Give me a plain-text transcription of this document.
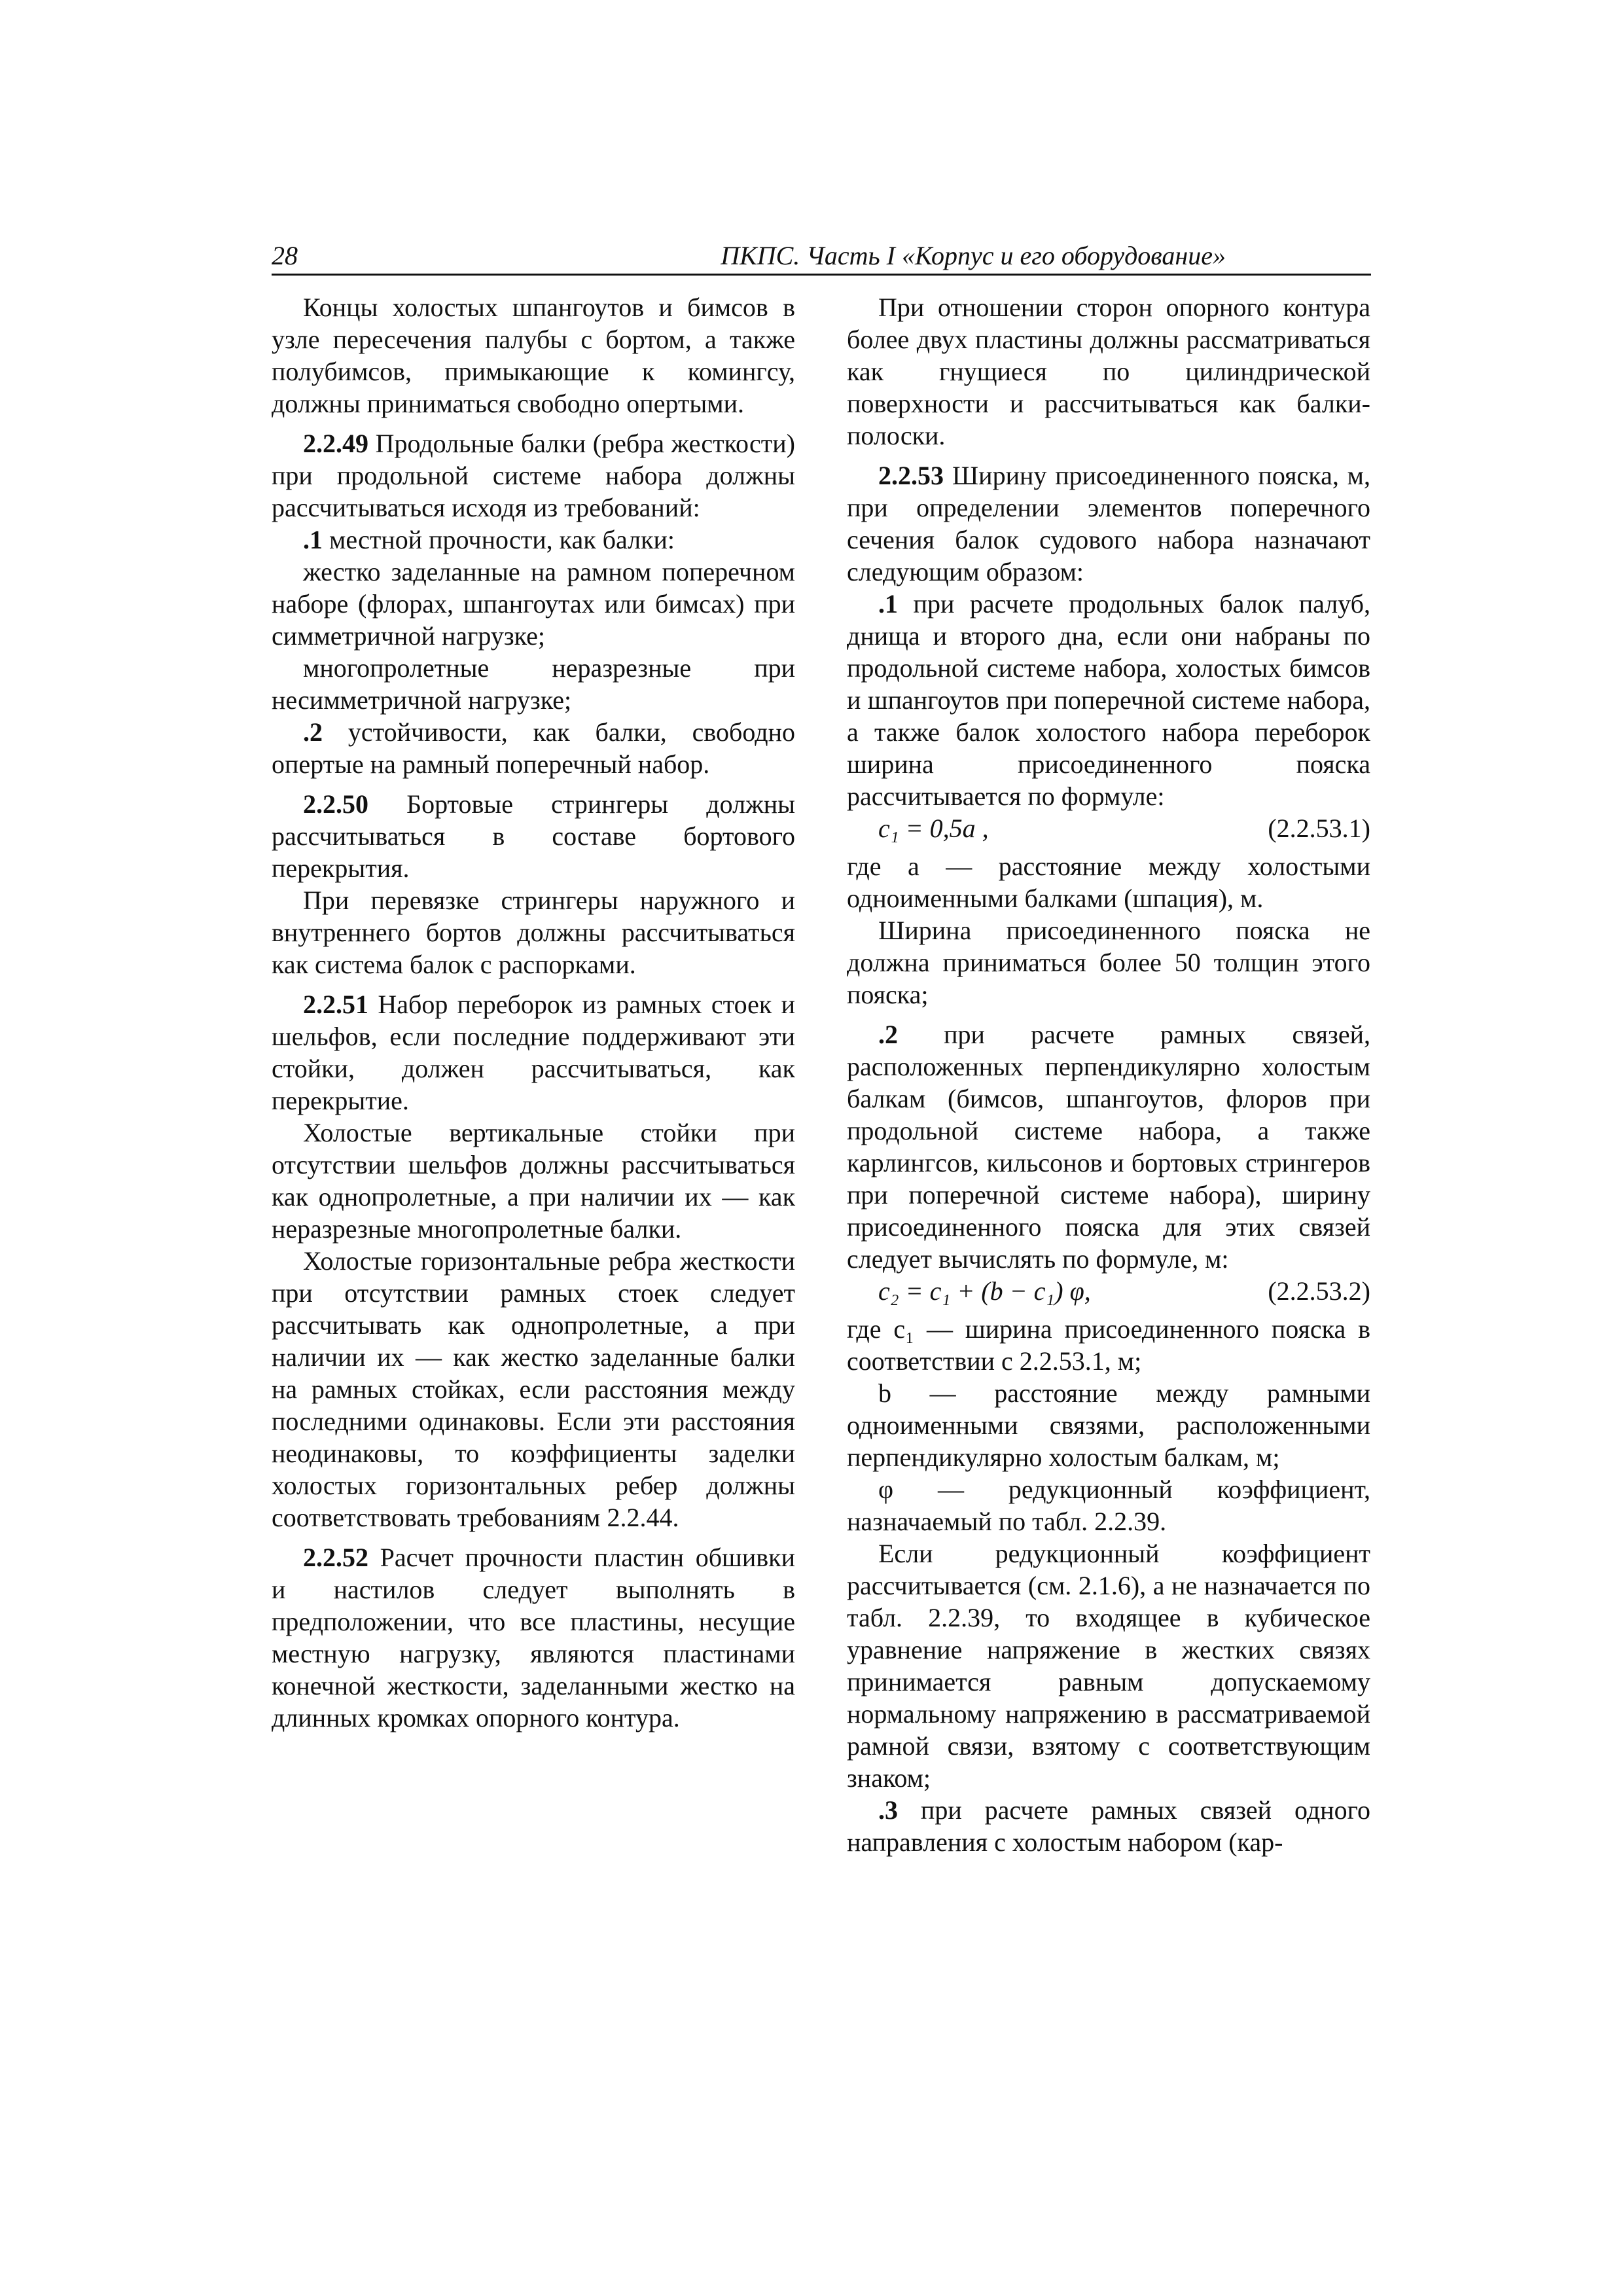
28	ПКПС. Часть I «Корпус и его оборудование»

Концы холостых шпангоутов и бимсов в узле пересечения палубы с бортом, а также полубимсов, примыкающие к комингсу, должны приниматься свободно опертыми.

2.2.49 Продольные балки (ребра жесткости) при продольной системе набора должны рассчитываться исходя из требований:

.1 местной прочности, как балки:

жестко заделанные на рамном поперечном наборе (флорах, шпангоутах или бимсах) при симметричной нагрузке;

многопролетные неразрезные при несимметричной нагрузке;

.2 устойчивости, как балки, свободно опертые на рамный поперечный набор.

2.2.50 Бортовые стрингеры должны рассчитываться в составе бортового перекрытия.

При перевязке стрингеры наружного и внутреннего бортов должны рассчитываться как система балок с распорками.

2.2.51 Набор переборок из рамных стоек и шельфов, если последние поддерживают эти стойки, должен рассчитываться, как перекрытие.

Холостые вертикальные стойки при отсутствии шельфов должны рассчитываться как однопролетные, а при наличии их — как неразрезные многопролетные балки.

Холостые горизонтальные ребра жесткости при отсутствии рамных стоек следует рассчитывать как однопролетные, а при наличии их — как жестко заделанные балки на рамных стойках, если расстояния между последними одинаковы. Если эти расстояния неодинаковы, то коэффициенты заделки холостых горизонтальных ребер должны соответствовать требованиям 2.2.44.

2.2.52 Расчет прочности пластин обшивки и настилов следует выполнять в предположении, что все пластины, несущие местную нагрузку, являются пластинами конечной жесткости, заделанными жестко на длинных кромках опорного контура.

При отношении сторон опорного контура более двух пластины должны рассматриваться как гнущиеся по цилиндрической поверхности и рассчитываться как балки-полоски.

2.2.53 Ширину присоединенного пояска, м, при определении элементов поперечного сечения балок судового набора назначают следующим образом:

.1 при расчете продольных балок палуб, днища и второго дна, если они набраны по продольной системе набора, холостых бимсов и шпангоутов при поперечной системе набора, а также балок холостого набора переборок ширина присоединенного пояска рассчитывается по формуле:

c₁ = 0,5a ,	(2.2.53.1)

где a — расстояние между холостыми одноименными балками (шпация), м.

Ширина присоединенного пояска не должна приниматься более 50 толщин этого пояска;

.2 при расчете рамных связей, расположенных перпендикулярно холостым балкам (бимсов, шпангоутов, флоров при продольной системе набора, а также карлингсов, кильсонов и бортовых стрингеров при поперечной системе набора), ширину присоединенного пояска для этих связей следует вычислять по формуле, м:

c₂ = c₁ + (b − c₁) φ,	(2.2.53.2)

где c₁ — ширина присоединенного пояска в соответствии с 2.2.53.1, м;

b — расстояние между рамными одноименными связями, расположенными перпендикулярно холостым балкам, м;

φ — редукционный коэффициент, назначаемый по табл. 2.2.39.

Если редукционный коэффициент рассчитывается (см. 2.1.6), а не назначается по табл. 2.2.39, то входящее в кубическое уравнение напряжение в жестких связях принимается равным допускаемому нормальному напряжению в рассматриваемой рамной связи, взятому с соответствующим знаком;

.3 при расчете рамных связей одного направления с холостым набором (кар-
